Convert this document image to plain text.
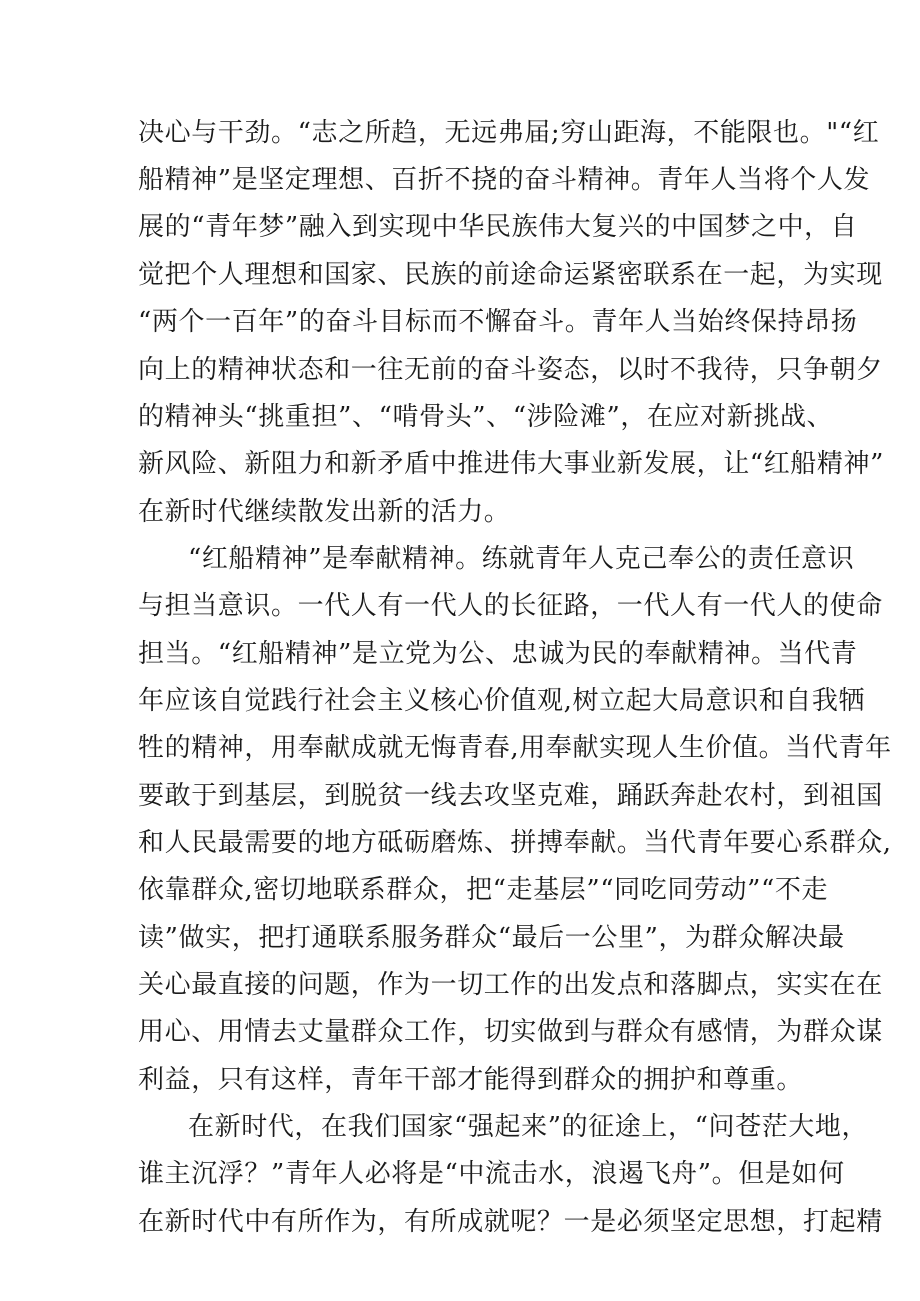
决心与干劲。“志之所趋，无远弗届;穷山距海，不能限也。"“红
船精神”是坚定理想、百折不挠的奋斗精神。青年人当将个人发
展的“青年梦”融入到实现中华民族伟大复兴的中国梦之中，自
觉把个人理想和国家、民族的前途命运紧密联系在一起，为实现
“两个一百年”的奋斗目标而不懈奋斗。青年人当始终保持昂扬
向上的精神状态和一往无前的奋斗姿态，以时不我待，只争朝夕
的精神头“挑重担”、“啃骨头”、“涉险滩”，在应对新挑战、
新风险、新阻力和新矛盾中推进伟大事业新发展，让“红船精神”
在新时代继续散发出新的活力。
“红船精神”是奉献精神。练就青年人克己奉公的责任意识
与担当意识。一代人有一代人的长征路，一代人有一代人的使命
担当。“红船精神”是立党为公、忠诚为民的奉献精神。当代青
年应该自觉践行社会主义核心价值观,树立起大局意识和自我牺
牲的精神，用奉献成就无悔青春,用奉献实现人生价值。当代青年
要敢于到基层，到脱贫一线去攻坚克难，踊跃奔赴农村，到祖国
和人民最需要的地方砥砺磨炼、拼搏奉献。当代青年要心系群众,
依靠群众,密切地联系群众，把“走基层”“同吃同劳动”“不走
读”做实，把打通联系服务群众“最后一公里”，为群众解决最
关心最直接的问题，作为一切工作的出发点和落脚点，实实在在
用心、用情去丈量群众工作，切实做到与群众有感情，为群众谋
利益，只有这样，青年干部才能得到群众的拥护和尊重。
在新时代，在我们国家“强起来”的征途上，“问苍茫大地，
谁主沉浮？”青年人必将是“中流击水，浪遏飞舟”。但是如何
在新时代中有所作为，有所成就呢？一是必须坚定思想，打起精
